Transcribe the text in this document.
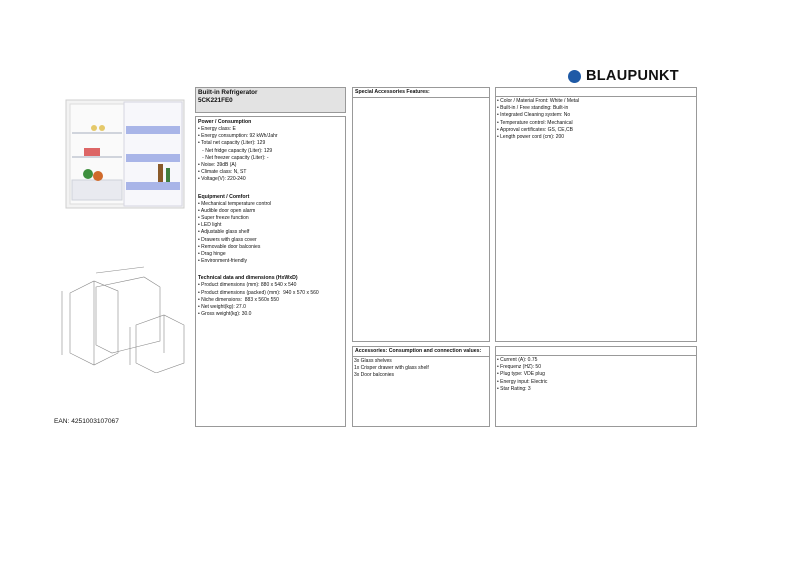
BLAUPUNKT
EAN: 4251003107067
Built-in Refrigerator
5CK221FE0
Power / Consumption
• Energy class: E
• Energy consumption: 92 kWh/Jahr
• Total net capacity (Liter): 129
- Net fridge capacity (Liter): 129
- Net freezer capacity (Liter): -
• Noise: 39dB (A)
• Climate class: N, ST
• Voltage(V): 220-240
Equipment / Comfort
• Mechanical temperature control
• Audible door open alarm
• Super freeze function
• LED light
• Adjustable glass shelf
• Drawers with glass cover
• Removable door balconies
• Drag hinge
• Environment-friendly
Technical data and dimensions (HxWxD)
• Product dimensions (mm): 880 x 540 x 540
• Product dimensions (packed) (mm):  940 x 570 x 560
• Niche dimensions:  883 x 560x 550
• Net weight(kg): 27.0
• Gross weight(kg): 30.0
Special Accessories Features:
• Color / Material Front: White / Metal
• Built-in / Free standing: Built-in
• Integrated Cleaning system: No
• Temperature control: Mechanical
• Approval certificates: GS, CE,CB
• Length power cord (cm): 200
Accessories: Consumption and connection values:
3x Glass shelves
1x Crisper drawer with glass shelf
3x Door balconies
• Current (A): 0.75
• Frequenz (HZ): 50
• Plug type: VDE plug
• Energy input: Electric
• Star Rating: 3
